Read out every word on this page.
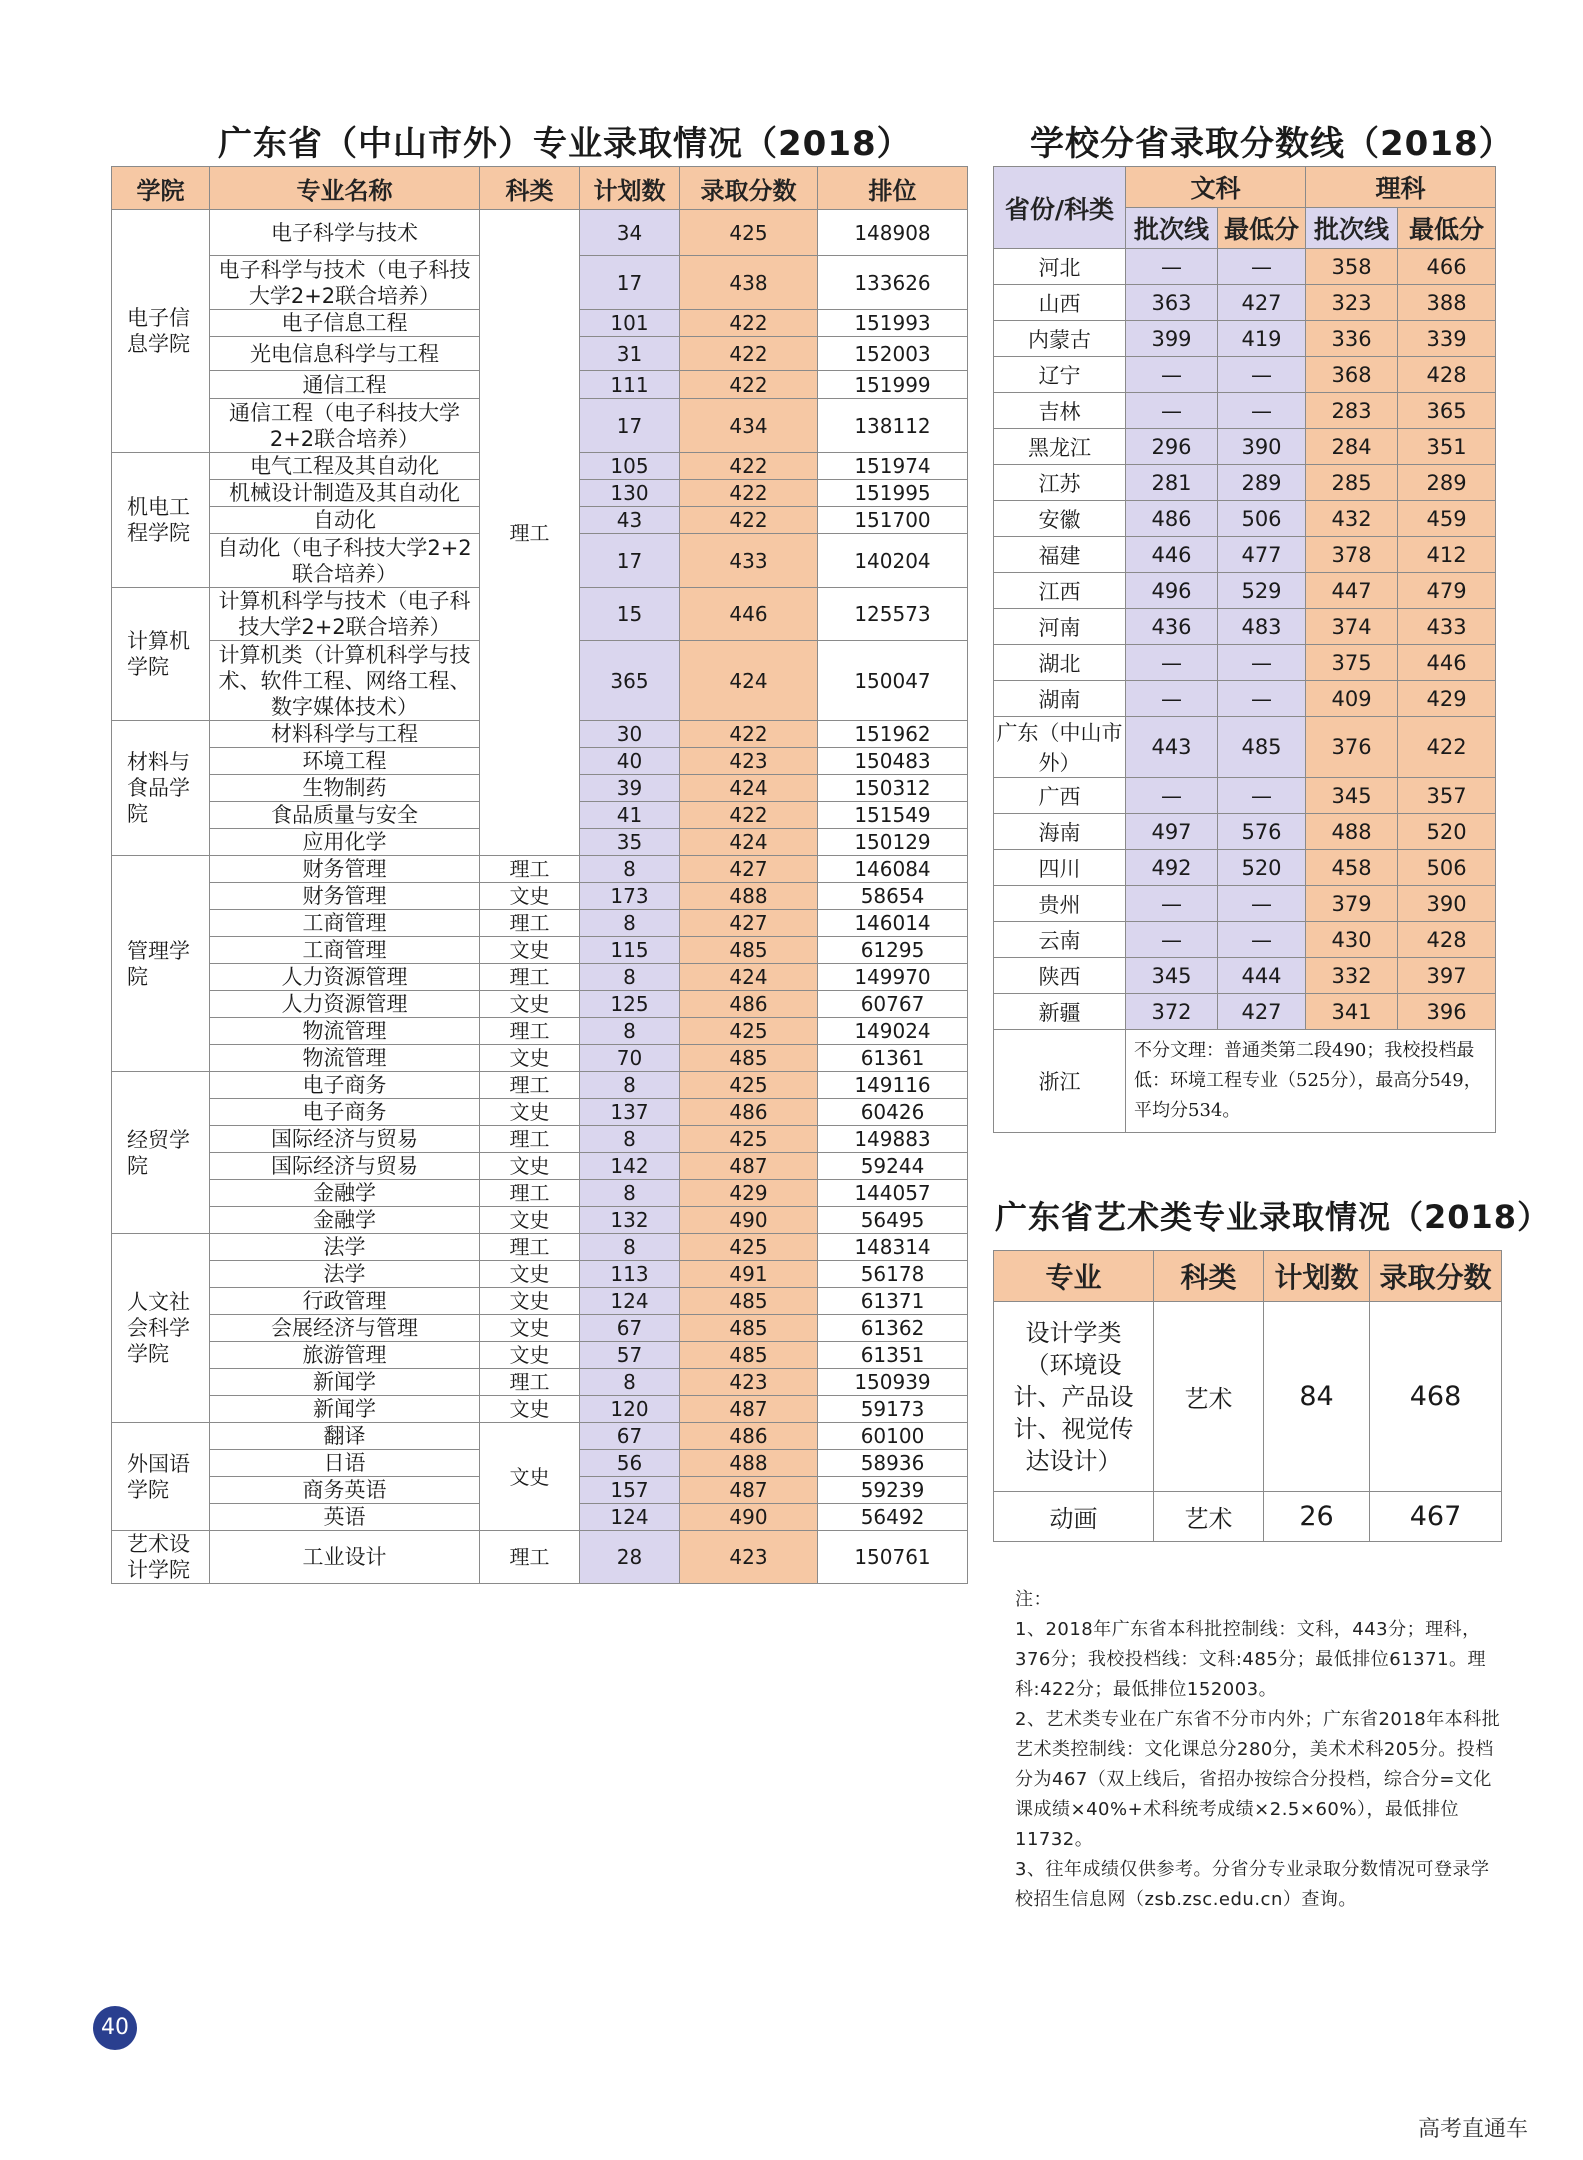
广东省（中山市外）专业录取情况（2018）	学校分省录取分数线（2018）
广东省艺术类专业录取情况（2018）
学院	专业名称	科类	计划数	录取分数	排位
电子信息学院	电子科学与技术	理工	34	425	148908
	电子科学与技术（电子科技大学2+2联合培养）		17	438	133626
	电子信息工程		101	422	151993
	光电信息科学与工程		31	422	152003
	通信工程		111	422	151999
	通信工程（电子科技大学2+2联合培养）		17	434	138112
机电工程学院	电气工程及其自动化		105	422	151974
	机械设计制造及其自动化		130	422	151995
	自动化		43	422	151700
	自动化（电子科技大学2+2联合培养）		17	433	140204
计算机学院	计算机科学与技术（电子科技大学2+2联合培养）		15	446	125573
	计算机类（计算机科学与技术、软件工程、网络工程、数字媒体技术）		365	424	150047
材料与食品学院	材料科学与工程		30	422	151962
	环境工程		40	423	150483
	生物制药		39	424	150312
	食品质量与安全		41	422	151549
	应用化学		35	424	150129
管理学院	财务管理	理工	8	427	146084
	财务管理	文史	173	488	58654
	工商管理	理工	8	427	146014
	工商管理	文史	115	485	61295
	人力资源管理	理工	8	424	149970
	人力资源管理	文史	125	486	60767
	物流管理	理工	8	425	149024
	物流管理	文史	70	485	61361
经贸学院	电子商务	理工	8	425	149116
	电子商务	文史	137	486	60426
	国际经济与贸易	理工	8	425	149883
	国际经济与贸易	文史	142	487	59244
	金融学	理工	8	429	144057
	金融学	文史	132	490	56495
人文社会科学学院	法学	理工	8	425	148314
	法学	文史	113	491	56178
	行政管理	文史	124	485	61371
	会展经济与管理	文史	67	485	61362
	旅游管理	文史	57	485	61351
	新闻学	理工	8	423	150939
	新闻学	文史	120	487	59173
外国语学院	翻译	文史	67	486	60100
	日语		56	488	58936
	商务英语		157	487	59239
	英语		124	490	56492
艺术设计学院	工业设计	理工	28	423	150761
省份/科类	文科		理科	
	批次线	最低分	批次线	最低分
河北	—	—	358	466
山西	363	427	323	388
内蒙古	399	419	336	339
辽宁	—	—	368	428
吉林	—	—	283	365
黑龙江	296	390	284	351
江苏	281	289	285	289
安徽	486	506	432	459
福建	446	477	378	412
江西	496	529	447	479
河南	436	483	374	433
湖北	—	—	375	446
湖南	—	—	409	429
广东（中山市外）	443	485	376	422
广西	—	—	345	357
海南	497	576	488	520
四川	492	520	458	506
贵州	—	—	379	390
云南	—	—	430	428
陕西	345	444	332	397
新疆	372	427	341	396
浙江	不分文理：普通类第二段490；我校投档最低：环境工程专业（525分），最高分549，平均分534。			
专业	科类	计划数	录取分数
设计学类（环境设计、产品设计、视觉传达设计）	艺术	84	468
动画	艺术	26	467
注：
1、2018年广东省本科批控制线：文科，443分；理科，376分；我校投档线：文科:485分；最低排位61371。理科:422分；最低排位152003。
2、艺术类专业在广东省不分市内外；广东省2018年本科批艺术类控制线：文化课总分280分，美术术科205分。投档分为467（双上线后，省招办按综合分投档，综合分=文化课成绩×40%+术科统考成绩×2.5×60%），最低排位11732。
3、往年成绩仅供参考。分省分专业录取分数情况可登录学校招生信息网（zsb.zsc.edu.cn）查询。
40
高考直通车
